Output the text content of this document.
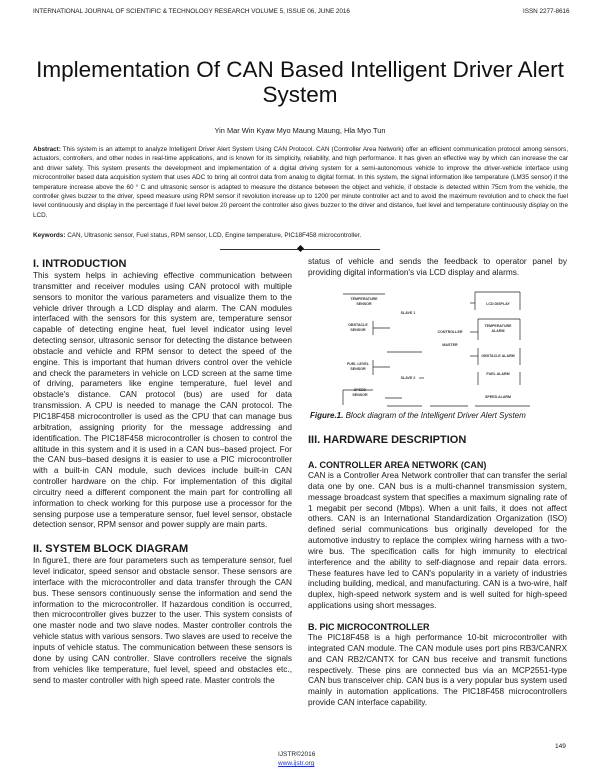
INTERNATIONAL JOURNAL OF SCIENTIFIC & TECHNOLOGY RESEARCH VOLUME 5, ISSUE 06, JUNE 2016	ISSN 2277-8616
Implementation Of CAN Based Intelligent Driver Alert System
Yin Mar Win Kyaw Myo Maung Maung, Hla Myo Tun
Abstract: This system is an attempt to analyze Intelligent Driver Alert System Using CAN Protocol. CAN (Controller Area Network) offer an efficient communication protocol among sensors, actuators, controllers, and other nodes in real-time applications, and is known for its simplicity, reliability, and high performance. It has given an effective way by which can increase the car and driver safety. This system presents the development and implementation of a digital driving system for a semi-autonomous vehicle to improve the driver-vehicle interface using microcontroller based data acquisition system that uses ADC to bring all control data from analog to digital format. In this system, the signal information like temperature (LM35 sensor) if the temperature increase above the 60 ° C and ultrasonic sensor is adapted to measure the distance between the object and vehicle, if obstacle is detected within 75cm from the vehicle, the controller gives buzzer to the driver, speed measure using RPM sensor if revolution increase up to 1200 per minute controller act and to avoid the maximum revolution and to check the fuel level continuously and display in the percentage if fuel level below 20 percent the controller also gives buzzer to the driver and distance, fuel level and temperature continuously display on the LCD.
Keywords: CAN, Ultrasonic sensor, Fuel status, RPM sensor, LCD, Engine temperature, PIC18F458 microcontroller.
I. INTRODUCTION
This system helps in achieving effective communication between transmitter and receiver modules using CAN protocol with multiple sensors to monitor the various parameters and visualize them to the vehicle driver through a LCD display and alarm. The CAN modules interfaced with the sensors for this system are, temperature sensor capable of detecting engine heat, fuel level indicator using level detecting sensor, ultrasonic sensor for detecting the distance between obstacle and vehicle and RPM sensor to detect the speed of the engine. This is important that human drivers control over the vehicle and check the parameters in vehicle on LCD screen at the same time of driving, parameters like engine temperature, fuel level and obstacle's distance. CAN protocol (bus) are used for data transmission. A CPU is needed to manage the CAN protocol. The PIC18F458 microcontroller is used as the CPU that can manage bus arbitration, assigning priority for the message addressing and identification. The PIC18F458 microcontroller is chosen to control the altitude in this system and it is used in a CAN bus–based project. For the CAN bus–based designs it is easier to use a PIC microcontroller with a built-in CAN module, such devices include built-in CAN controller hardware on the chip. For implementation of this digital circuitry need a different component the main part for controlling all information to check working for this purpose use a processor for the sensing purpose use a temperature sensor, fuel level sensor, obstacle detection sensor, RPM sensor and power supply are main parts.
II. SYSTEM BLOCK DIAGRAM
In figure1, there are four parameters such as temperature sensor, fuel level indicator, speed sensor and obstacle sensor. These sensors are interface with the microcontroller and data transfer through the CAN bus. These sensors continuously sense the information and send the information to the microcontroller. If hazardous condition is occurred, then microcontroller gives buzzer to the user. This system consists of one master node and two slave nodes. Master controller controls the vehicle status with various sensors. Two slaves are used to receive the inputs of vehicle status. The communication between these sensors is done by using CAN controller. Slave controllers receive the signals from vehicles like temperature, fuel level, speed and obstacles etc., send to master controller with high speed rate. Master controls the
status of vehicle and sends the feedback to operator panel by providing digital information's via LCD display and alarms.
TEMPERATURE
SENSOR
OBSTACLE
SENSOR
FUEL LEVEL
SENSOR
SPEED
SENSOR
SLAVE 1
SLAVE 2
CONTROLLER
MASTER
LCD DISPLAY
TEMPERATURE
ALARM
OBSTACLE ALARM
FUEL ALARM
SPEED ALARM
Figure.1. Block diagram of the Intelligent Driver Alert System
III. HARDWARE DESCRIPTION
A. CONTROLLER AREA NETWORK (CAN)
CAN is a Controller Area Network controller that can transfer the serial data one by one. CAN bus is a multi-channel transmission system, message broadcast system that specifies a maximum signaling rate of 1 megabit per second (Mbps). When a unit fails, it does not affect others. CAN is an International Standardization Organization (ISO) defined serial communications bus originally developed for the automotive industry to replace the complex wiring harness with a two-wire bus. The specification calls for high immunity to electrical interference and the ability to self-diagnose and repair data errors. These features have led to CAN's popularity in a variety of industries including building, medical, and manufacturing. CAN is a two-wire, half duplex, high-speed network system and is well suited for high-speed applications using short messages.
B. PIC MICROCONTROLLER
The PIC18F458 is a high performance 10-bit microcontroller with integrated CAN module. The CAN module uses port pins RB3/CANRX and CAN RB2/CANTX for CAN bus receive and transmit functions respectively. These pins are connected bus via an MCP2551-type CAN bus transceiver chip. CAN bus is a very popular bus system used mainly in automation applications. The PIC18F458 microcontrollers provide CAN interface capability.
149
IJSTR©2016
www.ijstr.org
